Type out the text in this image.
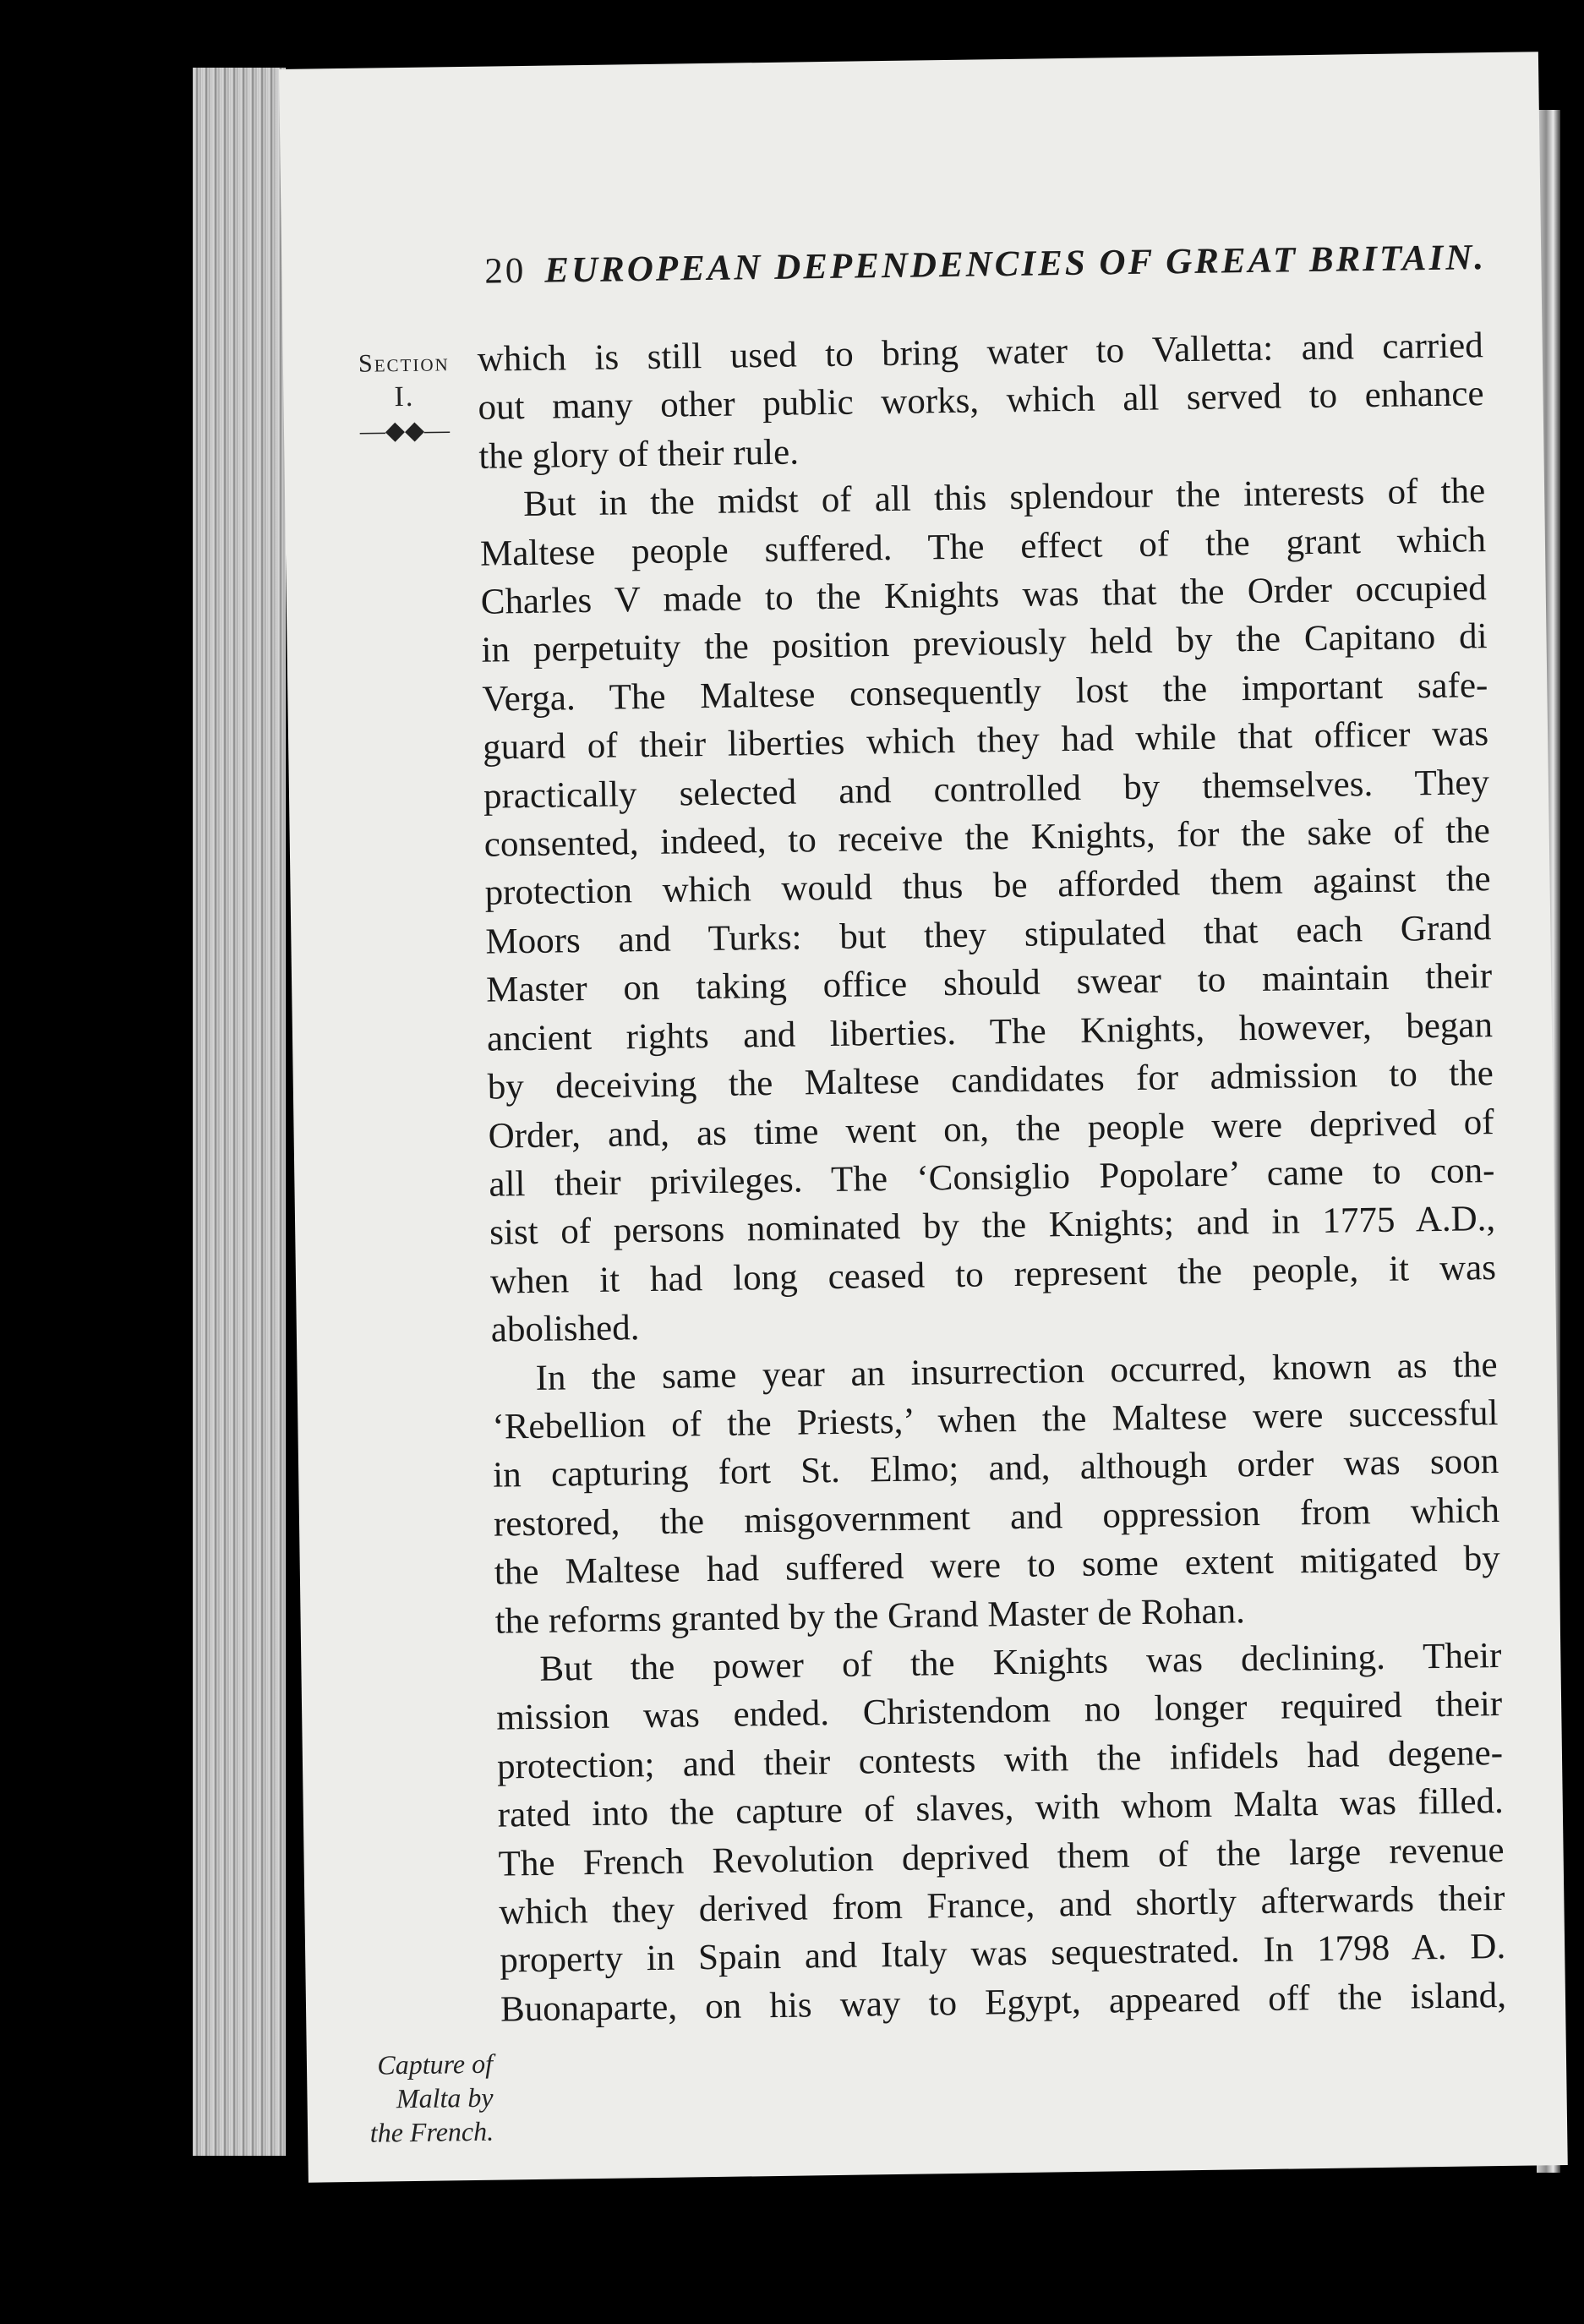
20 EUROPEAN DEPENDENCIES OF GREAT BRITAIN.
Section
I.
—◆◆—
Capture of
Malta by
the French.
which is still used to bring water to Valletta: and carried
out many other public works, which all served to enhance
the glory of their rule.
But in the midst of all this splendour the interests of the
Maltese people suffered. The effect of the grant which
Charles V made to the Knights was that the Order occupied
in perpetuity the position previously held by the Capitano di
Verga. The Maltese consequently lost the important safe-
guard of their liberties which they had while that officer was
practically selected and controlled by themselves. They
consented, indeed, to receive the Knights, for the sake of the
protection which would thus be afforded them against the
Moors and Turks: but they stipulated that each Grand
Master on taking office should swear to maintain their
ancient rights and liberties. The Knights, however, began
by deceiving the Maltese candidates for admission to the
Order, and, as time went on, the people were deprived of
all their privileges. The ‘Consiglio Popolare’ came to con-
sist of persons nominated by the Knights; and in 1775 A.D.,
when it had long ceased to represent the people, it was
abolished.
In the same year an insurrection occurred, known as the
‘Rebellion of the Priests,’ when the Maltese were successful
in capturing fort St. Elmo; and, although order was soon
restored, the misgovernment and oppression from which
the Maltese had suffered were to some extent mitigated by
the reforms granted by the Grand Master de Rohan.
But the power of the Knights was declining. Their
mission was ended. Christendom no longer required their
protection; and their contests with the infidels had degene-
rated into the capture of slaves, with whom Malta was filled.
The French Revolution deprived them of the large revenue
which they derived from France, and shortly afterwards their
property in Spain and Italy was sequestrated. In 1798 A. D.
Buonaparte, on his way to Egypt, appeared off the island,
